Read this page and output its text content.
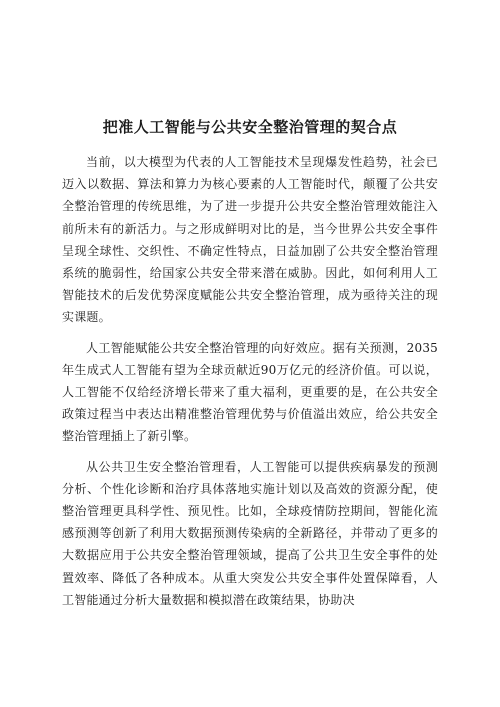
把准人工智能与公共安全整治管理的契合点

当前，以大模型为代表的人工智能技术呈现爆发性趋势，社会已迈入以数据、算法和算力为核心要素的人工智能时代，颠覆了公共安全整治管理的传统思维，为了进一步提升公共安全整治管理效能注入前所未有的新活力。与之形成鲜明对比的是，当今世界公共安全事件呈现全球性、交织性、不确定性特点，日益加剧了公共安全整治管理系统的脆弱性，给国家公共安全带来潜在威胁。因此，如何利用人工智能技术的后发优势深度赋能公共安全整治管理，成为亟待关注的现实课题。

人工智能赋能公共安全整治管理的向好效应。据有关预测，2035年生成式人工智能有望为全球贡献近90万亿元的经济价值。可以说，人工智能不仅给经济增长带来了重大福利，更重要的是，在公共安全政策过程当中表达出精准整治管理优势与价值溢出效应，给公共安全整治管理插上了新引擎。

从公共卫生安全整治管理看，人工智能可以提供疾病暴发的预测分析、个性化诊断和治疗具体落地实施计划以及高效的资源分配，使整治管理更具科学性、预见性。比如，全球疫情防控期间，智能化流感预测等创新了利用大数据预测传染病的全新路径，并带动了更多的大数据应用于公共安全整治管理领域，提高了公共卫生安全事件的处置效率、降低了各种成本。从重大突发公共安全事件处置保障看，人工智能通过分析大量数据和模拟潜在政策结果，协助决
